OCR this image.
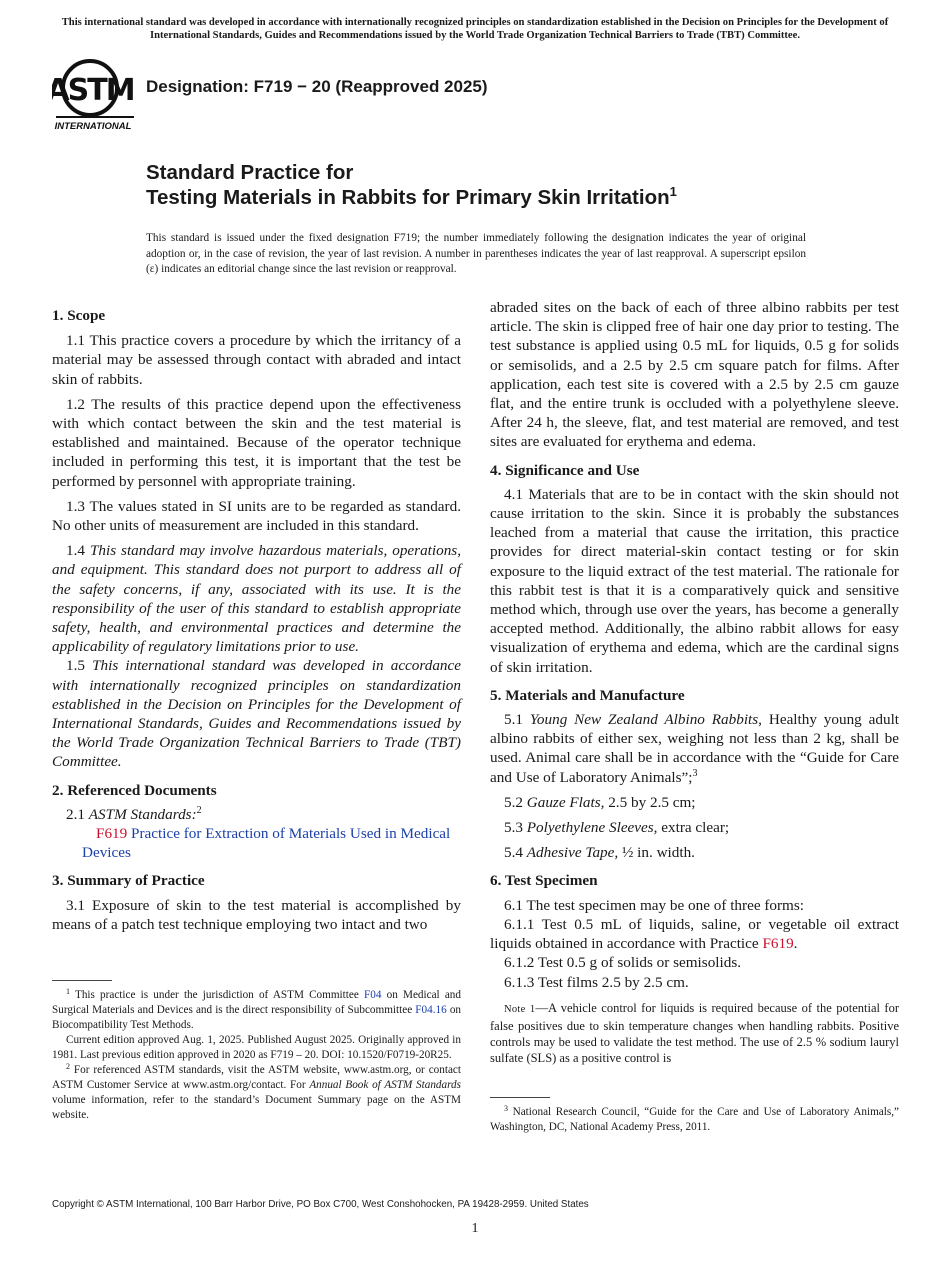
This international standard was developed in accordance with internationally recognized principles on standardization established in the Decision on Principles for the Development of International Standards, Guides and Recommendations issued by the World Trade Organization Technical Barriers to Trade (TBT) Committee.
ASTM
INTERNATIONAL
Designation: F719 − 20 (Reapproved 2025)
Standard Practice for
Testing Materials in Rabbits for Primary Skin Irritation$^1$
This standard is issued under the fixed designation F719; the number immediately following the designation indicates the year of original adoption or, in the case of revision, the year of last revision. A number in parentheses indicates the year of last reapproval. A superscript epsilon (ε) indicates an editorial change since the last revision or reapproval.
1. Scope

1.1 This practice covers a procedure by which the irritancy of a material may be assessed through contact with abraded and intact skin of rabbits.

1.2 The results of this practice depend upon the effectiveness with which contact between the skin and the test material is established and maintained. Because of the operator technique included in performing this test, it is important that the test be performed by personnel with appropriate training.

1.3 The values stated in SI units are to be regarded as standard. No other units of measurement are included in this standard.

1.4 This standard may involve hazardous materials, operations, and equipment. This standard does not purport to address all of the safety concerns, if any, associated with its use. It is the responsibility of the user of this standard to establish appropriate safety, health, and environmental practices and determine the applicability of regulatory limitations prior to use.

1.5 This international standard was developed in accordance with internationally recognized principles on standardization established in the Decision on Principles for the Development of International Standards, Guides and Recommendations issued by the World Trade Organization Technical Barriers to Trade (TBT) Committee.

2. Referenced Documents

2.1 ASTM Standards:$^2$

F619 Practice for Extraction of Materials Used in Medical Devices

3. Summary of Practice

3.1 Exposure of skin to the test material is accomplished by means of a patch test technique employing two intact and two

$^1$ This practice is under the jurisdiction of ASTM Committee F04 on Medical and Surgical Materials and Devices and is the direct responsibility of Subcommittee F04.16 on Biocompatibility Test Methods.

Current edition approved Aug. 1, 2025. Published August 2025. Originally approved in 1981. Last previous edition approved in 2020 as F719 – 20. DOI: 10.1520/F0719-20R25.

$^2$ For referenced ASTM standards, visit the ASTM website, www.astm.org, or contact ASTM Customer Service at www.astm.org/contact. For Annual Book of ASTM Standards volume information, refer to the standard’s Document Summary page on the ASTM website.

abraded sites on the back of each of three albino rabbits per test article. The skin is clipped free of hair one day prior to testing. The test substance is applied using 0.5 mL for liquids, 0.5 g for solids or semisolids, and a 2.5 by 2.5 cm square patch for films. After application, each test site is covered with a 2.5 by 2.5 cm gauze flat, and the entire trunk is occluded with a polyethylene sleeve. After 24 h, the sleeve, flat, and test material are removed, and test sites are evaluated for erythema and edema.

4. Significance and Use

4.1 Materials that are to be in contact with the skin should not cause irritation to the skin. Since it is probably the substances leached from a material that cause the irritation, this practice provides for direct material-skin contact testing or for skin exposure to the liquid extract of the test material. The rationale for this rabbit test is that it is a comparatively quick and sensitive method which, through use over the years, has become a generally accepted method. Additionally, the albino rabbit allows for easy visualization of erythema and edema, which are the cardinal signs of skin irritation.

5. Materials and Manufacture

5.1 Young New Zealand Albino Rabbits, Healthy young adult albino rabbits of either sex, weighing not less than 2 kg, shall be used. Animal care shall be in accordance with the “Guide for Care and Use of Laboratory Animals”;$^3$

5.2 Gauze Flats, 2.5 by 2.5 cm;

5.3 Polyethylene Sleeves, extra clear;

5.4 Adhesive Tape, ½ in. width.

6. Test Specimen

6.1 The test specimen may be one of three forms:

6.1.1 Test 0.5 mL of liquids, saline, or vegetable oil extract liquids obtained in accordance with Practice F619.

6.1.2 Test 0.5 g of solids or semisolids.

6.1.3 Test films 2.5 by 2.5 cm.

Note 1—A vehicle control for liquids is required because of the potential for false positives due to skin temperature changes when handling rabbits. Positive controls may be used to validate the test method. The use of 2.5 % sodium lauryl sulfate (SLS) as a positive control is

$^3$ National Research Council, “Guide for the Care and Use of Laboratory Animals,” Washington, DC, National Academy Press, 2011.

Copyright © ASTM International, 100 Barr Harbor Drive, PO Box C700, West Conshohocken, PA 19428-2959. United States
1
